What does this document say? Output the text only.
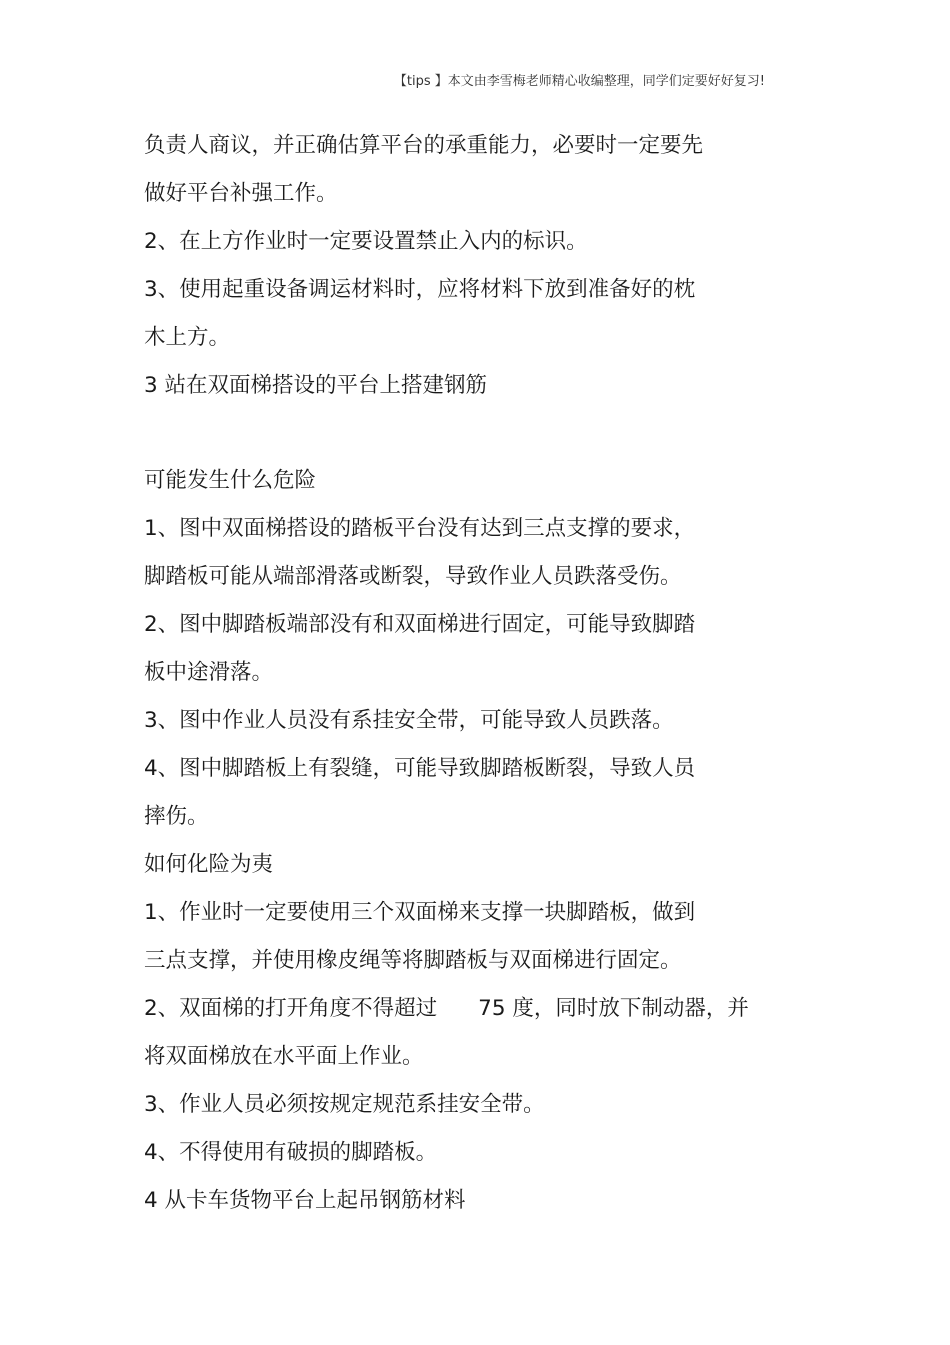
【tips 】本文由李雪梅老师精心收编整理，同学们定要好好复习!
负责人商议，并正确估算平台的承重能力，必要时一定要先
做好平台补强工作。
2、在上方作业时一定要设置禁止入内的标识。
3、使用起重设备调运材料时，应将材料下放到准备好的枕
木上方。
3 站在双面梯搭设的平台上搭建钢筋
可能发生什么危险
1、图中双面梯搭设的踏板平台没有达到三点支撑的要求，
脚踏板可能从端部滑落或断裂，导致作业人员跌落受伤。
2、图中脚踏板端部没有和双面梯进行固定，可能导致脚踏
板中途滑落。
3、图中作业人员没有系挂安全带，可能导致人员跌落。
4、图中脚踏板上有裂缝，可能导致脚踏板断裂，导致人员
摔伤。
如何化险为夷
1、作业时一定要使用三个双面梯来支撑一块脚踏板，做到
三点支撑，并使用橡皮绳等将脚踏板与双面梯进行固定。
2、双面梯的打开角度不得超过      75 度，同时放下制动器，并
将双面梯放在水平面上作业。
3、作业人员必须按规定规范系挂安全带。
4、不得使用有破损的脚踏板。
4 从卡车货物平台上起吊钢筋材料
